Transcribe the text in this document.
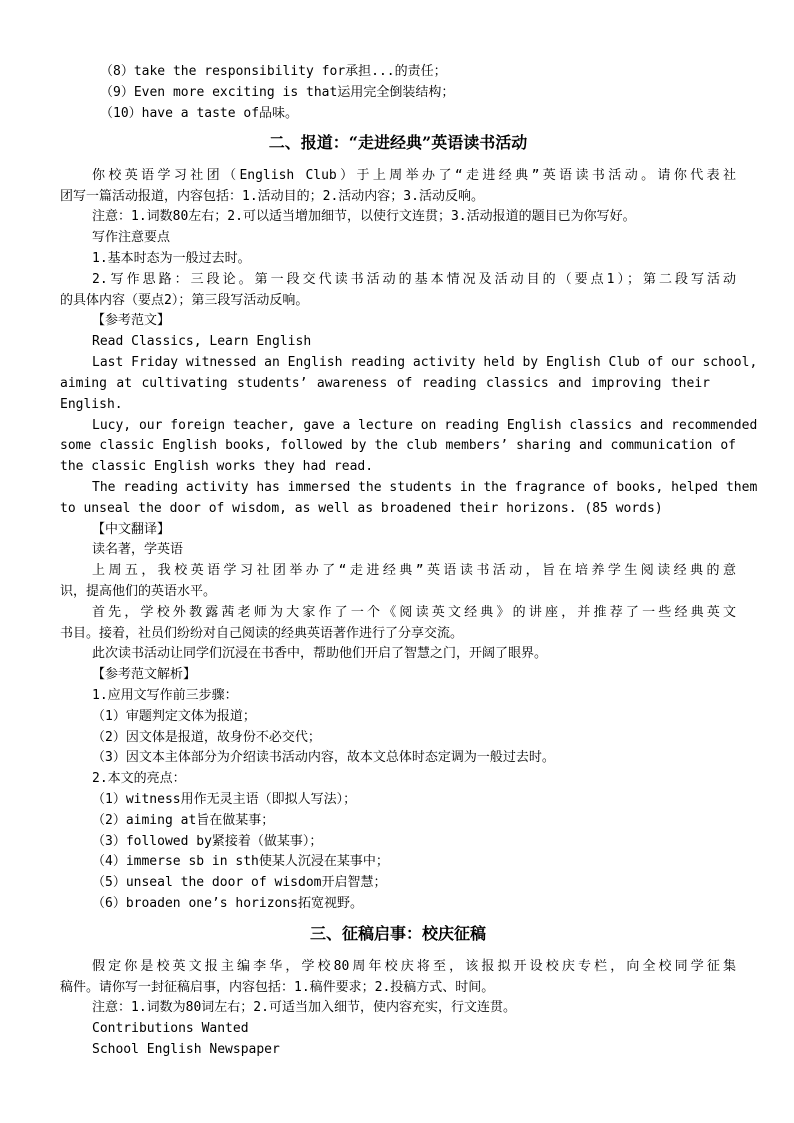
（8）take the responsibility for承担...的责任；
（9）Even more exciting is that运用完全倒装结构；
（10）have a taste of品味。
二、报道：“走进经典”英语读书活动
你校英语学习社团（English Club）于上周举办了“走进经典”英语读书活动。请你代表社
团写一篇活动报道，内容包括：1.活动目的；2.活动内容；3.活动反响。
注意：1.词数80左右；2.可以适当增加细节，以使行文连贯；3.活动报道的题目已为你写好。
写作注意要点
1.基本时态为一般过去时。
2.写作思路：三段论。第一段交代读书活动的基本情况及活动目的（要点1）；第二段写活动
的具体内容（要点2）；第三段写活动反响。
【参考范文】
Read Classics, Learn English
Last Friday witnessed an English reading activity held by English Club of our school,
aiming at cultivating students’ awareness of reading classics and improving their
English.
Lucy, our foreign teacher, gave a lecture on reading English classics and recommended
some classic English books, followed by the club members’ sharing and communication of
the classic English works they had read.
The reading activity has immersed the students in the fragrance of books, helped them
to unseal the door of wisdom, as well as broadened their horizons. (85 words)
【中文翻译】
读名著，学英语
上周五，我校英语学习社团举办了“走进经典”英语读书活动，旨在培养学生阅读经典的意
识，提高他们的英语水平。
首先，学校外教露茜老师为大家作了一个《阅读英文经典》的讲座，并推荐了一些经典英文
书目。接着，社员们纷纷对自己阅读的经典英语著作进行了分享交流。
此次读书活动让同学们沉浸在书香中，帮助他们开启了智慧之门，开阔了眼界。
【参考范文解析】
1.应用文写作前三步骤：
（1）审题判定文体为报道；
（2）因文体是报道，故身份不必交代；
（3）因文本主体部分为介绍读书活动内容，故本文总体时态定调为一般过去时。
2.本文的亮点：
（1）witness用作无灵主语（即拟人写法）；
（2）aiming at旨在做某事；
（3）followed by紧接着（做某事）；
（4）immerse sb in sth使某人沉浸在某事中；
（5）unseal the door of wisdom开启智慧；
（6）broaden one’s horizons拓宽视野。
三、征稿启事：校庆征稿
假定你是校英文报主编李华，学校80周年校庆将至，该报拟开设校庆专栏，向全校同学征集
稿件。请你写一封征稿启事，内容包括：1.稿件要求；2.投稿方式、时间。
注意：1.词数为80词左右；2.可适当加入细节，使内容充实，行文连贯。
Contributions Wanted
School English Newspaper
